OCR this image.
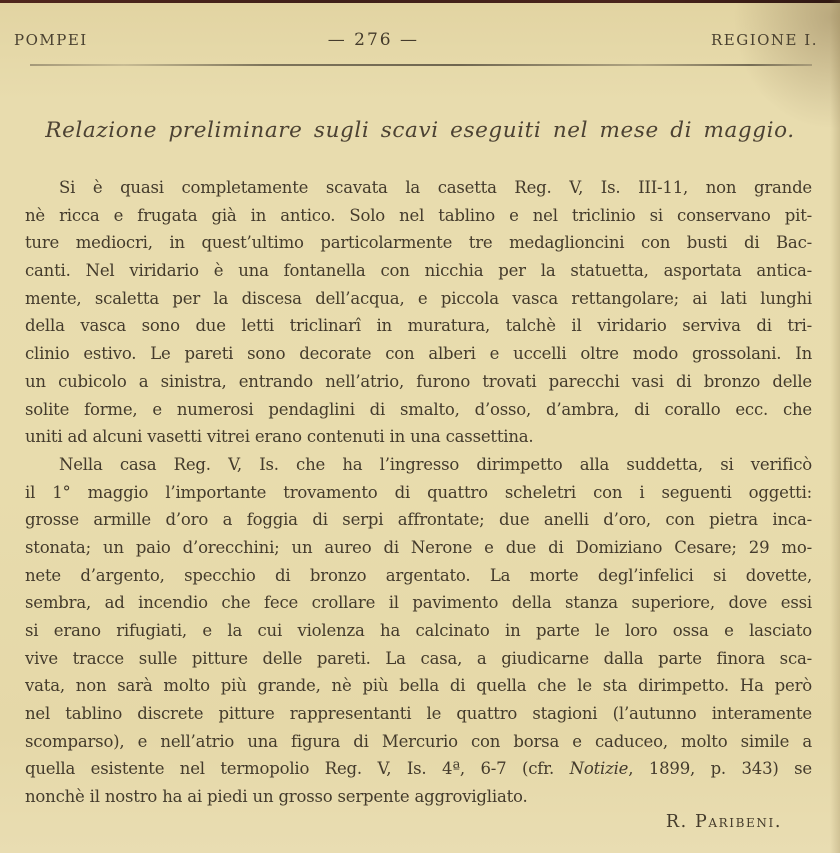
POMPEI	— 276 —	REGIONE I.
Relazione preliminare sugli scavi eseguiti nel mese di maggio.
Si è quasi completamente scavata la casetta Reg. V, Is. III-11, non grande
nè ricca e frugata già in antico. Solo nel tablino e nel triclinio si conservano pit-
ture mediocri, in quest’ultimo particolarmente tre medaglioncini con busti di Bac-
canti. Nel viridario è una fontanella con nicchia per la statuetta, asportata antica-
mente, scaletta per la discesa dell’acqua, e piccola vasca rettangolare; ai lati lunghi
della vasca sono due letti triclinarî in muratura, talchè il viridario serviva di tri-
clinio estivo. Le pareti sono decorate con alberi e uccelli oltre modo grossolani. In
un cubicolo a sinistra, entrando nell’atrio, furono trovati parecchi vasi di bronzo delle
solite forme, e numerosi pendaglini di smalto, d’osso, d’ambra, di corallo ecc. che
uniti ad alcuni vasetti vitrei erano contenuti in una cassettina.
Nella casa Reg. V, Is. che ha l’ingresso dirimpetto alla suddetta, si verificò
il 1° maggio l’importante trovamento di quattro scheletri con i seguenti oggetti:
grosse armille d’oro a foggia di serpi affrontate; due anelli d’oro, con pietra inca-
stonata; un paio d’orecchini; un aureo di Nerone e due di Domiziano Cesare; 29 mo-
nete d’argento, specchio di bronzo argentato. La morte degl’infelici si dovette,
sembra, ad incendio che fece crollare il pavimento della stanza superiore, dove essi
si erano rifugiati, e la cui violenza ha calcinato in parte le loro ossa e lasciato
vive tracce sulle pitture delle pareti. La casa, a giudicarne dalla parte finora sca-
vata, non sarà molto più grande, nè più bella di quella che le sta dirimpetto. Ha però
nel tablino discrete pitture rappresentanti le quattro stagioni (l’autunno interamente
scomparso), e nell’atrio una figura di Mercurio con borsa e caduceo, molto simile a
quella esistente nel termopolio Reg. V, Is. 4ª, 6-7 (cfr. Notizie, 1899, p. 343) se
nonchè il nostro ha ai piedi un grosso serpente aggrovigliato.
R. Paribeni.
